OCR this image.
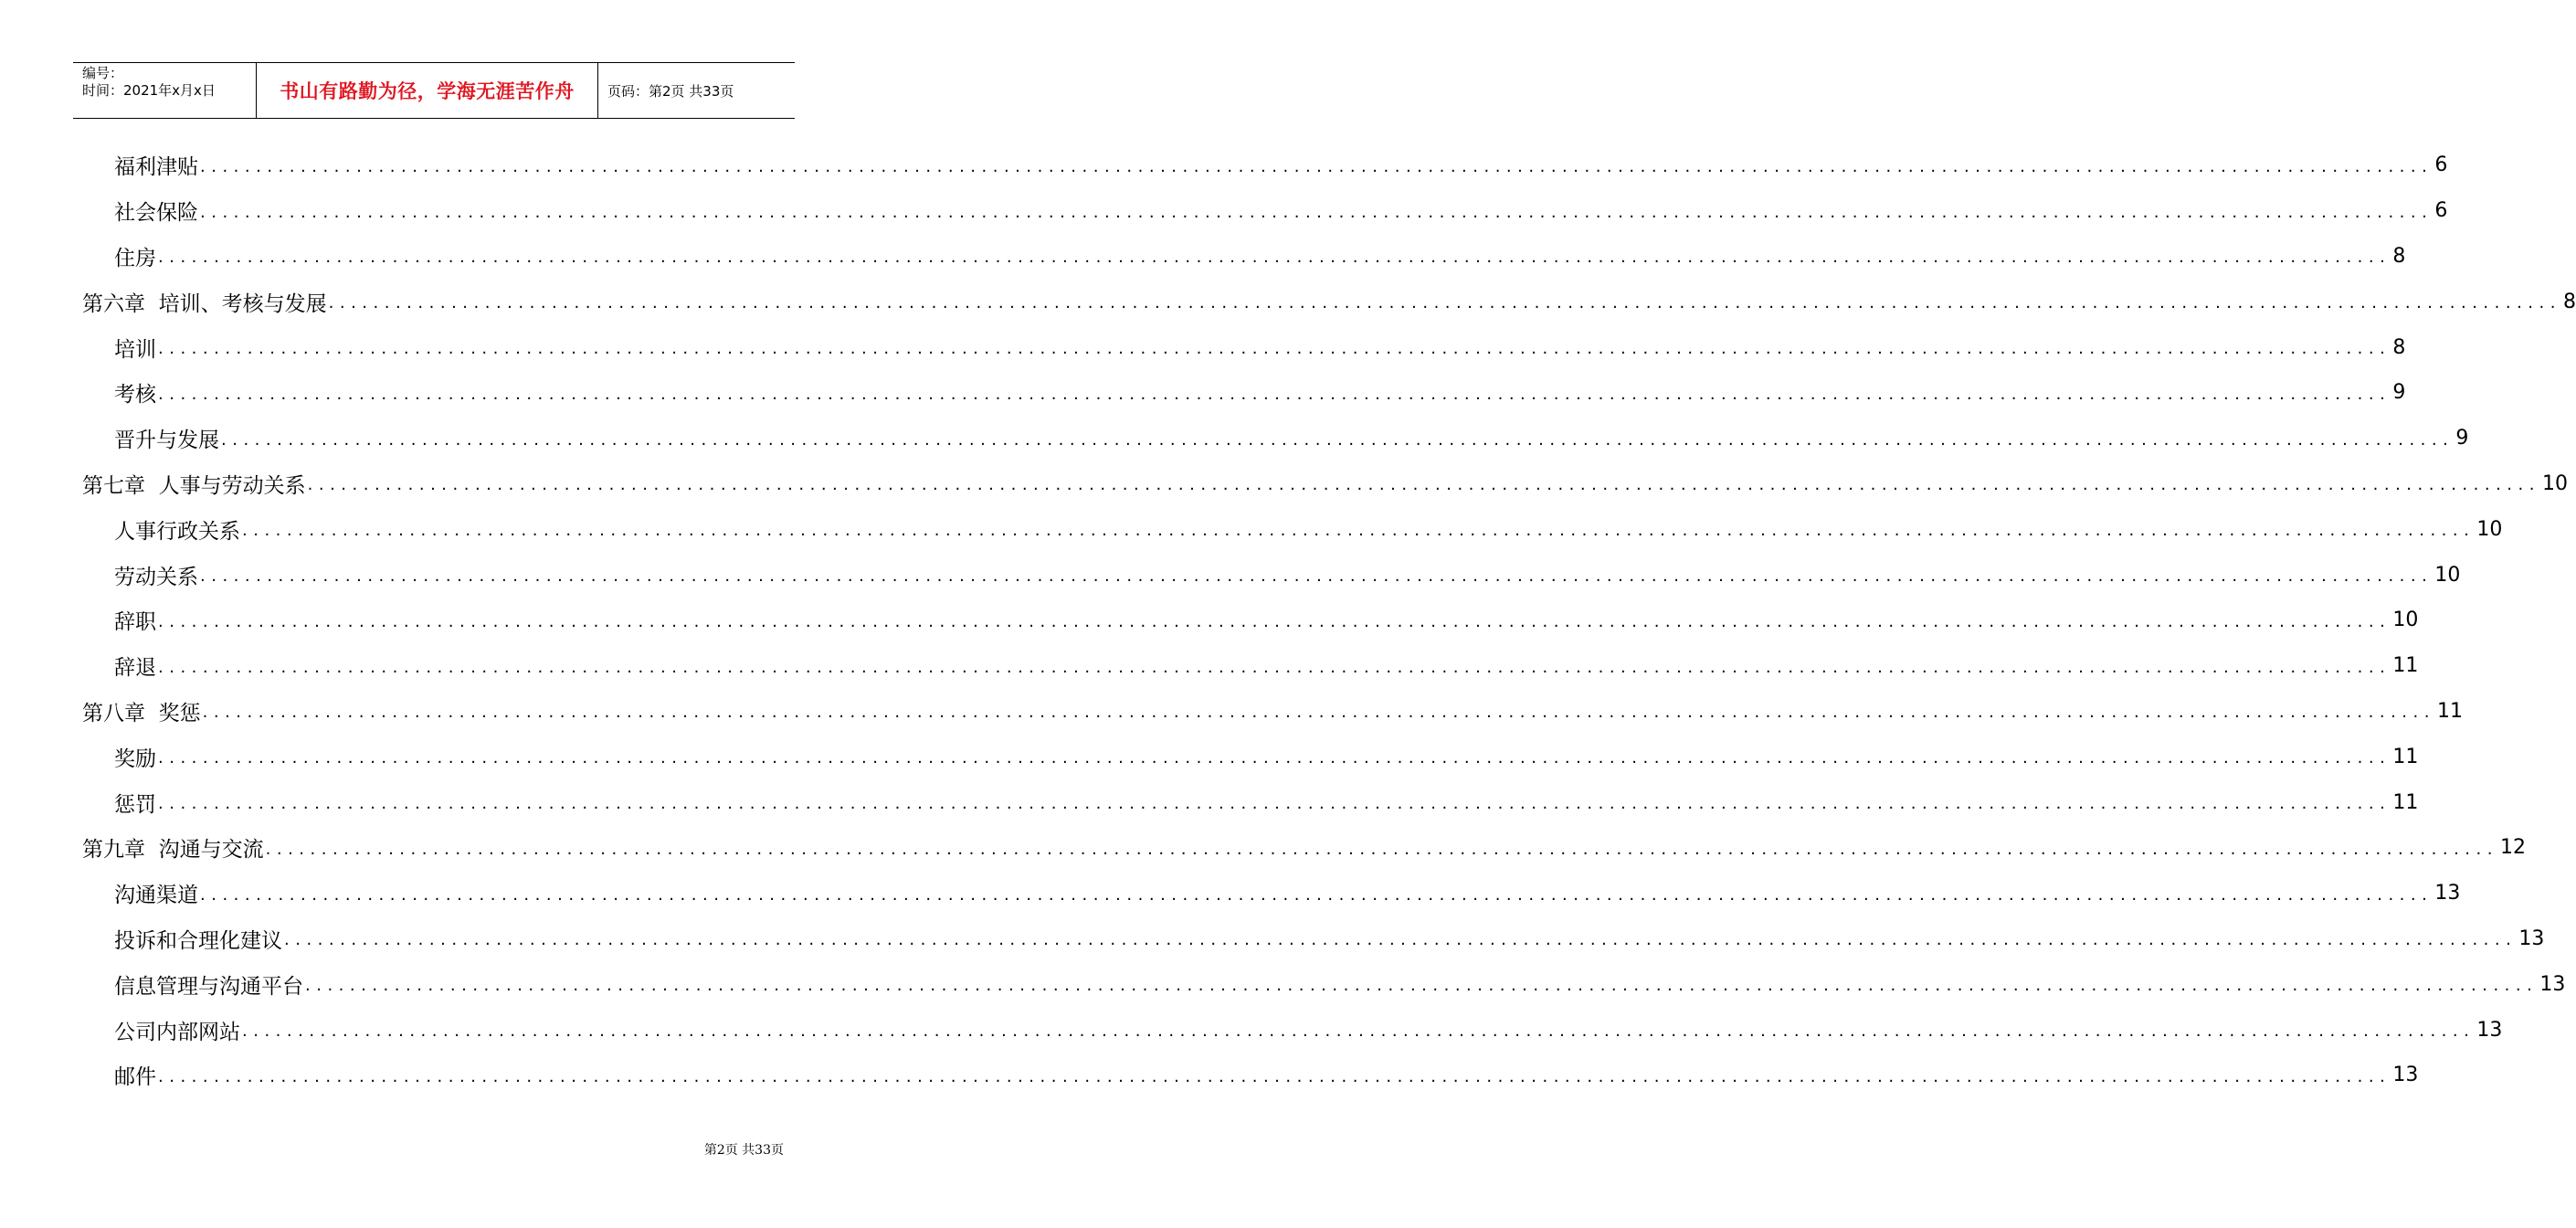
编号：
时间：2021年x月x日	书山有路勤为径，学海无涯苦作舟	页码：第2页 共33页
福利津贴 ........................................................................................................................................................................................................ 6
社会保险 ........................................................................................................................................................................................................ 6
住房 ........................................................................................................................................................................................................ 8
第六章  培训、考核与发展 ........................................................................................................................................................................................................ 8
培训 ........................................................................................................................................................................................................ 8
考核 ........................................................................................................................................................................................................ 9
晋升与发展 ........................................................................................................................................................................................................ 9
第七章  人事与劳动关系 ........................................................................................................................................................................................................ 10
人事行政关系 ........................................................................................................................................................................................................ 10
劳动关系 ........................................................................................................................................................................................................ 10
辞职 ........................................................................................................................................................................................................ 10
辞退 ........................................................................................................................................................................................................ 11
第八章  奖惩 ........................................................................................................................................................................................................ 11
奖励 ........................................................................................................................................................................................................ 11
惩罚 ........................................................................................................................................................................................................ 11
第九章  沟通与交流 ........................................................................................................................................................................................................ 12
沟通渠道 ........................................................................................................................................................................................................ 13
投诉和合理化建议 ........................................................................................................................................................................................................ 13
信息管理与沟通平台 ........................................................................................................................................................................................................ 13
公司内部网站 ........................................................................................................................................................................................................ 13
邮件 ........................................................................................................................................................................................................ 13
第2页 共33页
